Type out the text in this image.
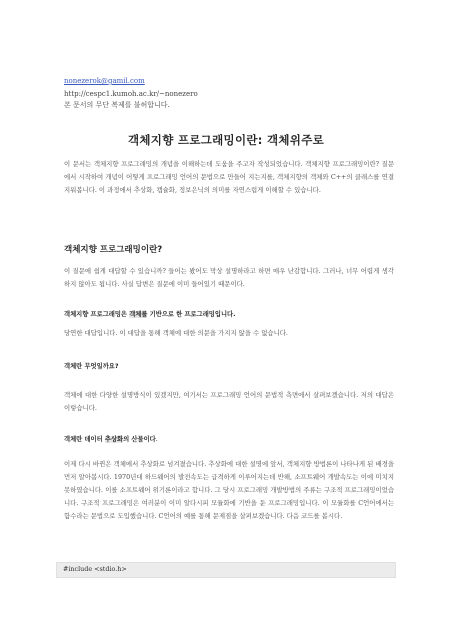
nonezerok@gamil.com
http://cespc1.kumoh.ac.kr/~nonezero
본 문서의 무단 복제를 불허합니다.
객체지향 프로그래밍이란: 객체위주로

이 문서는 객체지향 프로그래밍의 개념을 이해하는데 도움을 주고자 작성되었습니다. 객체지향 프로그래밍이란? 질문에서 시작하여 개념이 어떻게 프로그래밍 언어의 문법으로 만들어 지는지를, 객체지향의 객체와 C++의 클래스를 연결 지워봅니다. 이 과정에서 추상화, 캡슐화, 정보은닉의 의미를 자연스럽게 이해할 수 있습니다.

객체지향 프로그래밍이란?

이 질문에 쉽게 대답할 수 있습니까? 들어는 봤어도 막상 설명하라고 하면 매우 난감합니다. 그러나, 너무 어렵게 생각하지 않아도 됩니다. 사실 답변은 질문에 이미 들어있기 때문이다.

객체지향 프로그래밍은 객체를 기반으로 한 프로그래밍입니다.

당연한 대답입니다. 이 대답을 통해 객체에 대한 의문을 가지지 않을 수 없습니다.

객체란 무엇일까요?

객체에 대한 다양한 설명방식이 있겠지만, 여기서는 프로그래밍 언어의 문법적 측면에서 살펴보겠습니다. 저의 대답은 이렇습니다.

객체란 데이터 추상화의 산물이다.

이제 다시 바뀐은 객체에서 추상화로 넘겨졌습니다. 추상화에 대한 설명에 앞서, 객체지향 방법론이 나타나게 된 배경을 먼저 알아봅시다. 1970년대 하드웨어의 발전속도는 급격하게 이루어지는데 반해, 소프트웨어 개발속도는 이에 미치지 못하였습니다. 이를 소프트웨어 위기론이라고 합니다. 그 당시 프로그래밍 개발방법의 주류는 구조적 프로그래밍이었습니다. 구조적 프로그래밍은 여러분이 이미 알다시피 모듈화에 기반을 둔 프로그래밍입니다. 이 모듈화를 C언어에서는 함수라는 문법으로 도입했습니다. C언어의 예를 통해 문제점을 살펴보겠습니다. 다음 코드를 봅시다.

#include <stdio.h>
